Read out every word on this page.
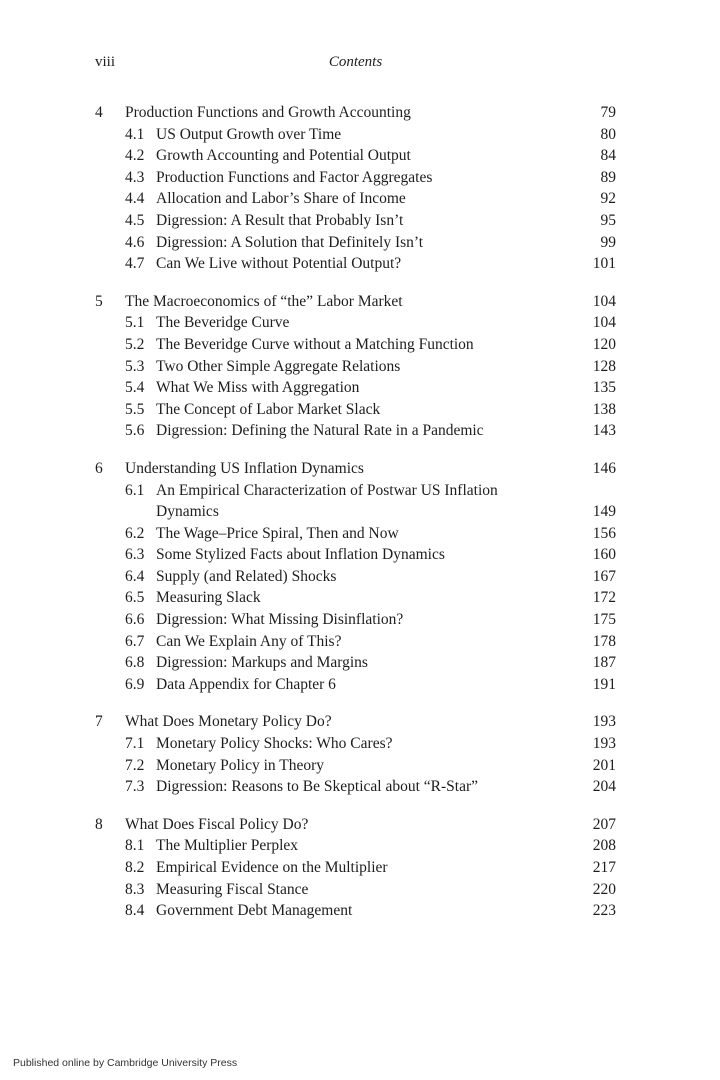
viii	Contents
4 Production Functions and Growth Accounting	79
4.1 US Output Growth over Time	80
4.2 Growth Accounting and Potential Output	84
4.3 Production Functions and Factor Aggregates	89
4.4 Allocation and Labor’s Share of Income	92
4.5 Digression: A Result that Probably Isn’t	95
4.6 Digression: A Solution that Definitely Isn’t	99
4.7 Can We Live without Potential Output?	101
5 The Macroeconomics of “the” Labor Market	104
5.1 The Beveridge Curve	104
5.2 The Beveridge Curve without a Matching Function	120
5.3 Two Other Simple Aggregate Relations	128
5.4 What We Miss with Aggregation	135
5.5 The Concept of Labor Market Slack	138
5.6 Digression: Defining the Natural Rate in a Pandemic	143
6 Understanding US Inflation Dynamics	146
6.1 An Empirical Characterization of Postwar US Inflation
Dynamics	149
6.2 The Wage–Price Spiral, Then and Now	156
6.3 Some Stylized Facts about Inflation Dynamics	160
6.4 Supply (and Related) Shocks	167
6.5 Measuring Slack	172
6.6 Digression: What Missing Disinflation?	175
6.7 Can We Explain Any of This?	178
6.8 Digression: Markups and Margins	187
6.9 Data Appendix for Chapter 6	191
7 What Does Monetary Policy Do?	193
7.1 Monetary Policy Shocks: Who Cares?	193
7.2 Monetary Policy in Theory	201
7.3 Digression: Reasons to Be Skeptical about “R-Star”	204
8 What Does Fiscal Policy Do?	207
8.1 The Multiplier Perplex	208
8.2 Empirical Evidence on the Multiplier	217
8.3 Measuring Fiscal Stance	220
8.4 Government Debt Management	223
Published online by Cambridge University Press
